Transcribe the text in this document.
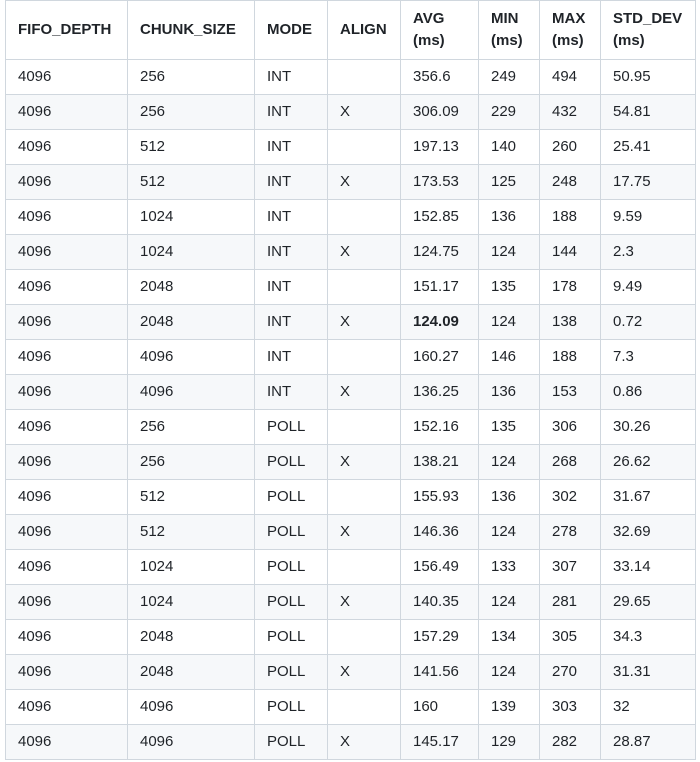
FIFO_DEPTH	CHUNK_SIZE	MODE	ALIGN	AVG (ms)	MIN (ms)	MAX (ms)	STD_DEV (ms)
4096	256	INT		356.6	249	494	50.95
4096	256	INT	X	306.09	229	432	54.81
4096	512	INT		197.13	140	260	25.41
4096	512	INT	X	173.53	125	248	17.75
4096	1024	INT		152.85	136	188	9.59
4096	1024	INT	X	124.75	124	144	2.3
4096	2048	INT		151.17	135	178	9.49
4096	2048	INT	X	124.09	124	138	0.72
4096	4096	INT		160.27	146	188	7.3
4096	4096	INT	X	136.25	136	153	0.86
4096	256	POLL		152.16	135	306	30.26
4096	256	POLL	X	138.21	124	268	26.62
4096	512	POLL		155.93	136	302	31.67
4096	512	POLL	X	146.36	124	278	32.69
4096	1024	POLL		156.49	133	307	33.14
4096	1024	POLL	X	140.35	124	281	29.65
4096	2048	POLL		157.29	134	305	34.3
4096	2048	POLL	X	141.56	124	270	31.31
4096	4096	POLL		160	139	303	32
4096	4096	POLL	X	145.17	129	282	28.87
